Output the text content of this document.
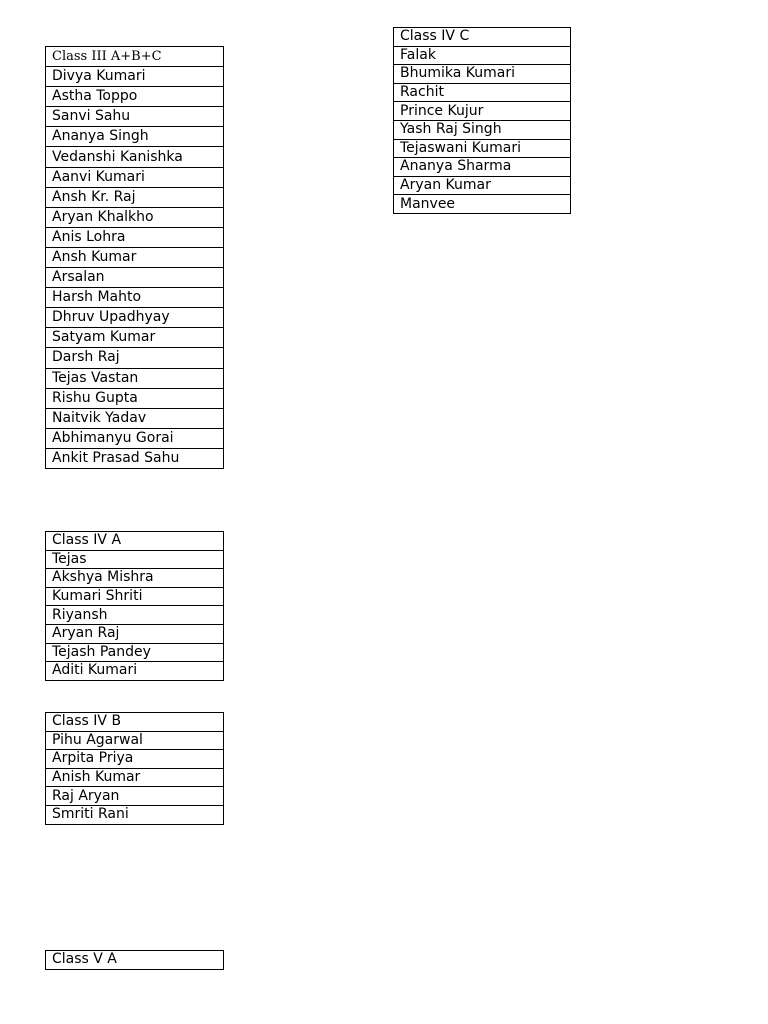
Class III A+B+C
Divya Kumari
Astha Toppo
Sanvi Sahu
Ananya Singh
Vedanshi Kanishka
Aanvi Kumari
Ansh Kr. Raj
Aryan Khalkho
Anis Lohra
Ansh Kumar
Arsalan
Harsh Mahto
Dhruv Upadhyay
Satyam Kumar
Darsh Raj
Tejas Vastan
Rishu Gupta
Naitvik Yadav
Abhimanyu Gorai
Ankit Prasad Sahu
Class IV C
Falak
Bhumika Kumari
Rachit
Prince Kujur
Yash Raj Singh
Tejaswani Kumari
Ananya Sharma
Aryan Kumar
Manvee
Class IV A
Tejas
Akshya Mishra
Kumari Shriti
Riyansh
Aryan Raj
Tejash Pandey
Aditi Kumari
Class IV B
Pihu Agarwal
Arpita Priya
Anish Kumar
Raj Aryan
Smriti Rani
Class V A
